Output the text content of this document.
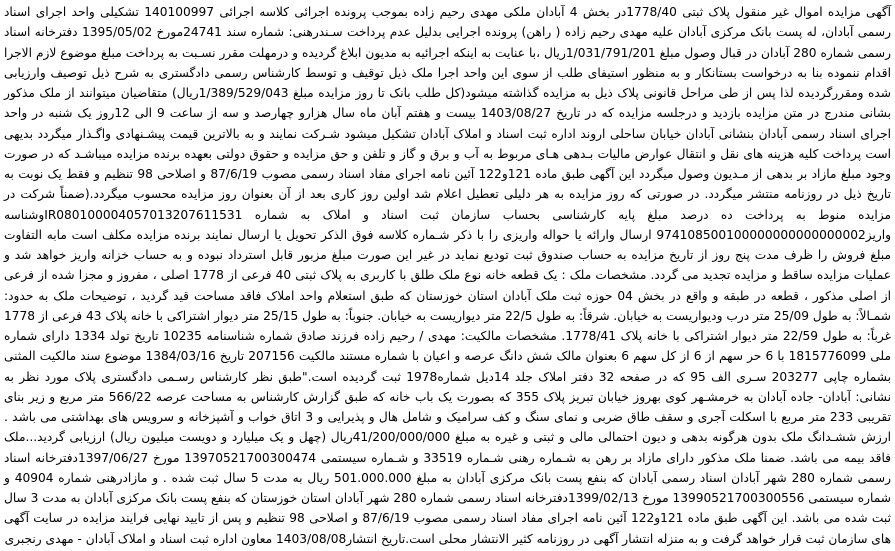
آگهی مزایده اموال غیر منقول پلاک ثبتی 1778/40در بخش 4 آبادان ملکی مهدی رحیم زاده بموجب پرونده اجرائی کلاسه اجرائی 140100997 تشکیلی واحد اجرای اسناد رسمی آبادان، له پست بانک مرکزی آبادان علیه مهدی رحیم زاده ( راهن) پرونده اجرایی بدلیل عدم پرداخت سـندرهنی: شماره سند 24741مورخ 1395/05/02 دفترخانه اسناد رسمی شماره 280 آبادان در قبال وصول مبلغ 1/031/791/201ریال ،با عنایت به اینکه اجرائیه به مدیون ابلاغ گردیده و درمهلت مقرر نسـبت به پرداخت مبلغ موضوع لازم الاجرا اقدام ننموده بنا به درخواست بستانکار و به منظور استیفای طلب از سوی این واحد اجرا ملک ذیل توقیف و توسط کارشناس رسمی دادگستری به شرح ذیل توصیف وارزیابی شده ومقررگردیده لذا پس از طی مراحل قانونی پلاک ذیل به مزایده گذاشته میشود(کل طلب بانک تا روز مزایده مبلغ 1/389/529/043ریال) متقاضیان میتوانند از ملک مذکور بشانی مندرج در متن مزایده بازدید و درجلسه مزایده که در تاریخ 1403/08/27 بیست و هفتم آبان ماه سال هزارو چهارصد و سه از ساعت 9 الی 12روز یک شنبه در واحد اجرای اسناد رسمی آبادان بنشانی آبادان خیابان ساحلی اروند اداره ثبت اسناد و املاک آبادان تشکیل میشود شـرکت نمایند و به بالاترین قیمت پیشـنهادی واگـذار میگردد بدیهی است پرداخت کلیه هزینه های نقل و انتقال عوارض مالیات بـدهی هـای مربوط به آب و برق و گاز و تلفن و حق مزایده و حقوق دولتی بعهده برنده مزایده میباشـد که در صورت وجود مبلغ مازاد بر بدهی از مـدیون وصول میگردد این آگهی طبق ماده 121و122 آئین نامه اجرای مفاد اسناد رسمی مصوب 87/6/19 و اصلاحی 98 تنظیم و فقط یک نوبت به تاریخ ذیل در روزنامه منتشر میگردد. در صورتی که روز مزایده به هر دلیلی تعطیل اعلام شد اولین روز کاری بعد از آن بعنوان روز مزایده محسوب میگردد.(ضمناً شرکت در مزایده منوط به پرداخت ده درصد مبلغ پایه کارشناسی بحساب سازمان ثبت اسناد و املاک به شماره IR080100004057013207611531وشناسه واریز974108500100000000000000002 ارسال وارائه یا حواله واریزی را با ذکر شـماره کلاسه فوق الذکر تحویل یا ارسال نمایند برنده مزایده مکلف است مابه التفاوت مبلغ فروش را ظرف مدت پنج روز از تاریخ مزایده به حساب صندوق ثبت تودیع نماید در غیر این صورت مبلغ مزبور قابل استرداد نبوده و به حساب خزانه واریز خواهد شد و عملیات مزایده ساقط و مزایده تجدید می گردد. مشخصات ملک : یک قطعه خانه نوع ملک طلق با کاربری به پلاک ثبتی 40 فرعی از 1778 اصلی ، مفروز و مجزا شده از فرعی از اصلی مذکور ، قطعه در طبقه و واقع در بخش 04 حوزه ثبت ملک آبادان استان خوزستان که طبق استعلام واحد املاک فاقد مساحت قید گردید ، توضیحات ملک به حدود: شمـالاً: به طول 25/09 متر درب ودیواریست به خیابان. شرقاً: به طول 22/5 متر دیواریست به خیابان. جنوباً: به طول 25/15 متر دیوار اشتراکی با خانه پلاک 43 فرعی از 1778 غرباً: به طول 22/59 متر دیوار اشتراکی با خانه پلاک 1778/41. مشخصات مالکیت: مهدی / رحیم زاده فرزند صادق شماره شناسنامه 10235 تاریخ تولد 1334 دارای شماره ملی 1815776099 با 6 حر سهم از 6 از کل سهم 6 بعنوان مالک شش دانگ عرصه و اعیان با شماره مستند مالکیت 207156 تاریخ 1384/03/16 موضوع سند مالکیت المثنی بشماره چاپی 203277 سـری الف 95 که در صفحه 32 دفتر املاک جلد 14دیل شماره1978 ثبت گردیده است."طبق نظر کارشناس رسـمی دادگستری پلاک مورد نظر به نشانی: آبادان- جاده آبادان به خرمشـهر کوی بهروز خیابان تبریز پلاک 355 که بصورت یک باب خانه که طبق گزارش کارشناس به مساحت عرصه 566/22 متر مربع و زیر بنای تقریبی 233 متر مربع با اسکلت آجری و سقف طاق ضربی و نمای سنگ و کف سرامیک و شامل هال و پذیرایی و 3 اتاق خواب و آشپزخانه و سرویس های بهداشتی می باشد . ارزش ششـدانگ ملک بدون هرگونه بدهی و دیون احتمالی مالی و ثبتی و غیره به مبلغ 41/200/000/000ریال (چهل و یک میلیارد و دویست میلیون ریال) ارزیابی گردید...ملک فاقد بیمه می باشد. ضمنا ملک مذکور دارای مازاد بر رهن به شـماره رهنی شـماره 33519 و شـماره سیستمی 13970521700300474 مورخ 1397/06/27دفترخانه اسناد رسمی شماره 280 شهر آبادان اسناد رسمی آبادان که بنفع پست بانک مرکزی آبادان به مبلغ 501.000.000 ریال به مدت 5 سال ثبت شده . و مازادرهنی شماره 40904 و شماره سیستمی 13990521700300556 مورخ 1399/02/13دفترخانه اسناد رسمی شماره 280 شهر آبادان استان خوزستان که بنفع پست بانک مرکزی آبادان به مدت 3 سال ثبت شده می باشد. این آگهی طبق ماده 121و122 آئین نامه اجرای مفاد اسناد رسمی مصوب 87/6/19 و اصلاحی 98 تنظیم و پس از تایید نهایی فرایند مزایده در سایت آگهی های سازمان ثبت قرار خواهد گرفت و به منزله انتشار آگهی در روزنامه کثیر الانتشار محلی است.تاریخ انتشار1403/08/08 معاون اداره ثبت اسناد و املاک آبادان - مهدی رنجبری
